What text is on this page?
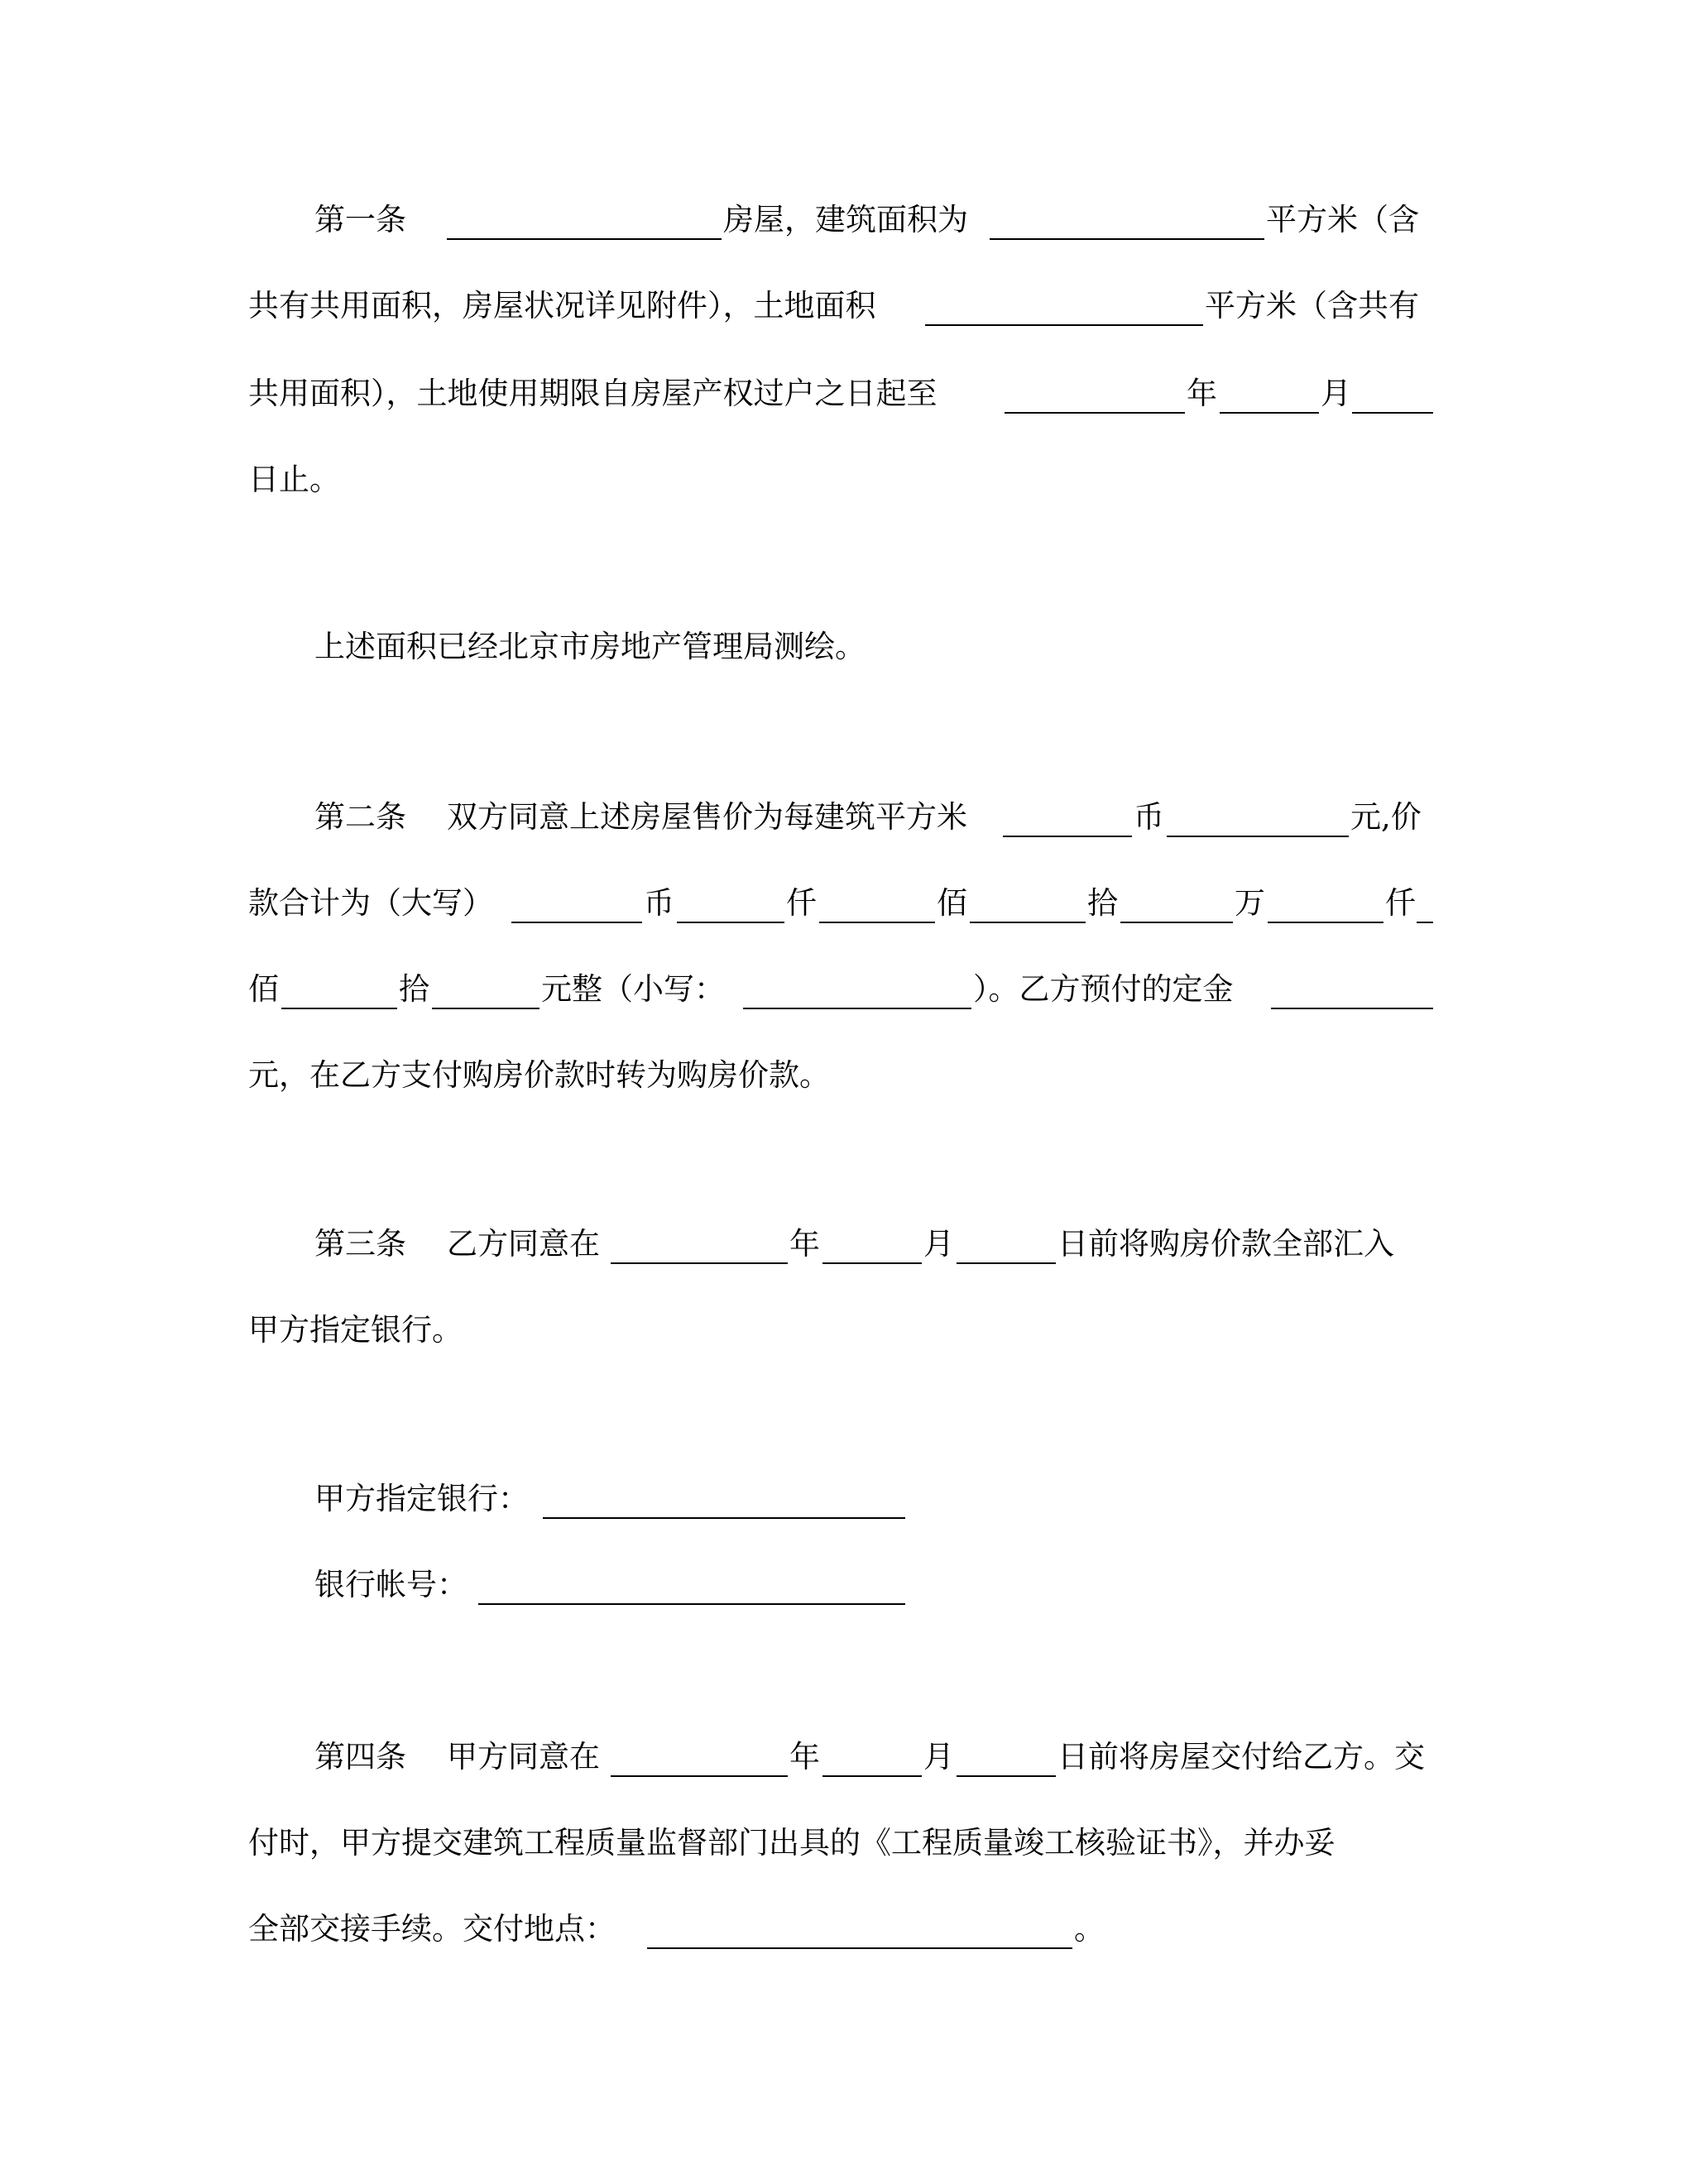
第一条	房屋，建筑面积为	平方米（含
共有共用面积，房屋状况详见附件），土地面积	平方米（含共有
共用面积），土地使用期限自房屋产权过户之日起至	年	月
日止。
上述面积已经北京市房地产管理局测绘。
第二条 双方同意上述房屋售价为每建筑平方米	币	元,价
款合计为（大写）	币	仟	佰	拾	万	仟
佰	拾	元整（小写：	）。乙方预付的定金
元，在乙方支付购房价款时转为购房价款。
第三条 乙方同意在	年	月	日前将购房价款全部汇入
甲方指定银行。
甲方指定银行：
银行帐号：
第四条 甲方同意在	年	月	日前将房屋交付给乙方。交
付时，甲方提交建筑工程质量监督部门出具的《工程质量竣工核验证书》，并办妥
全部交接手续。交付地点：	。
